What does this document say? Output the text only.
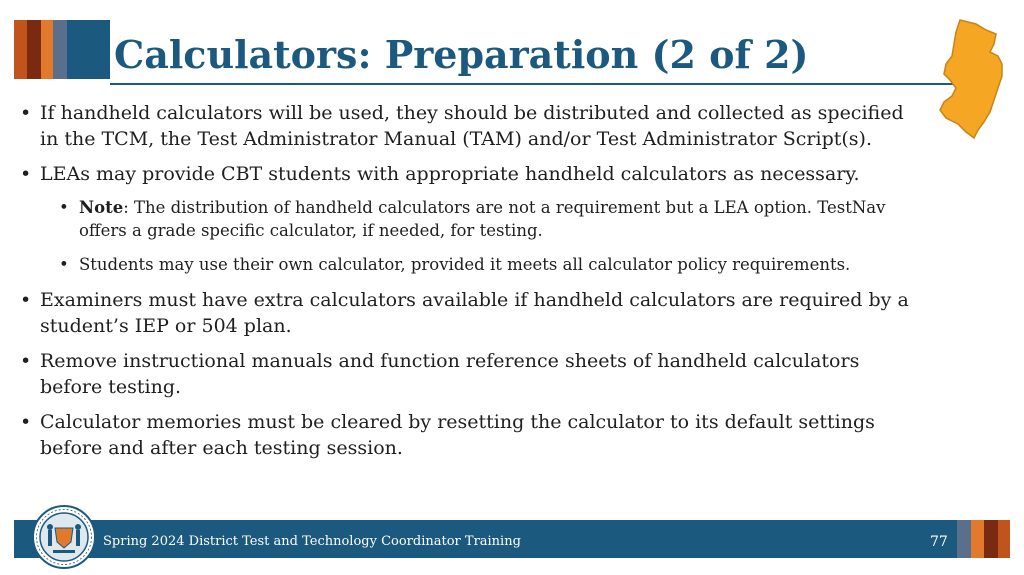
Calculators: Preparation (2 of 2)
• If handheld calculators will be used, they should be distributed and collected as specified in the TCM, the Test Administrator Manual (TAM) and/or Test Administrator Script(s).
• LEAs may provide CBT students with appropriate handheld calculators as necessary.
• Note: The distribution of handheld calculators are not a requirement but a LEA option. TestNav offers a grade specific calculator, if needed, for testing.
• Students may use their own calculator, provided it meets all calculator policy requirements.
• Examiners must have extra calculators available if handheld calculators are required by a student’s IEP or 504 plan.
• Remove instructional manuals and function reference sheets of handheld calculators before testing.
• Calculator memories must be cleared by resetting the calculator to its default settings before and after each testing session.
Spring 2024 District Test and Technology Coordinator Training	77
